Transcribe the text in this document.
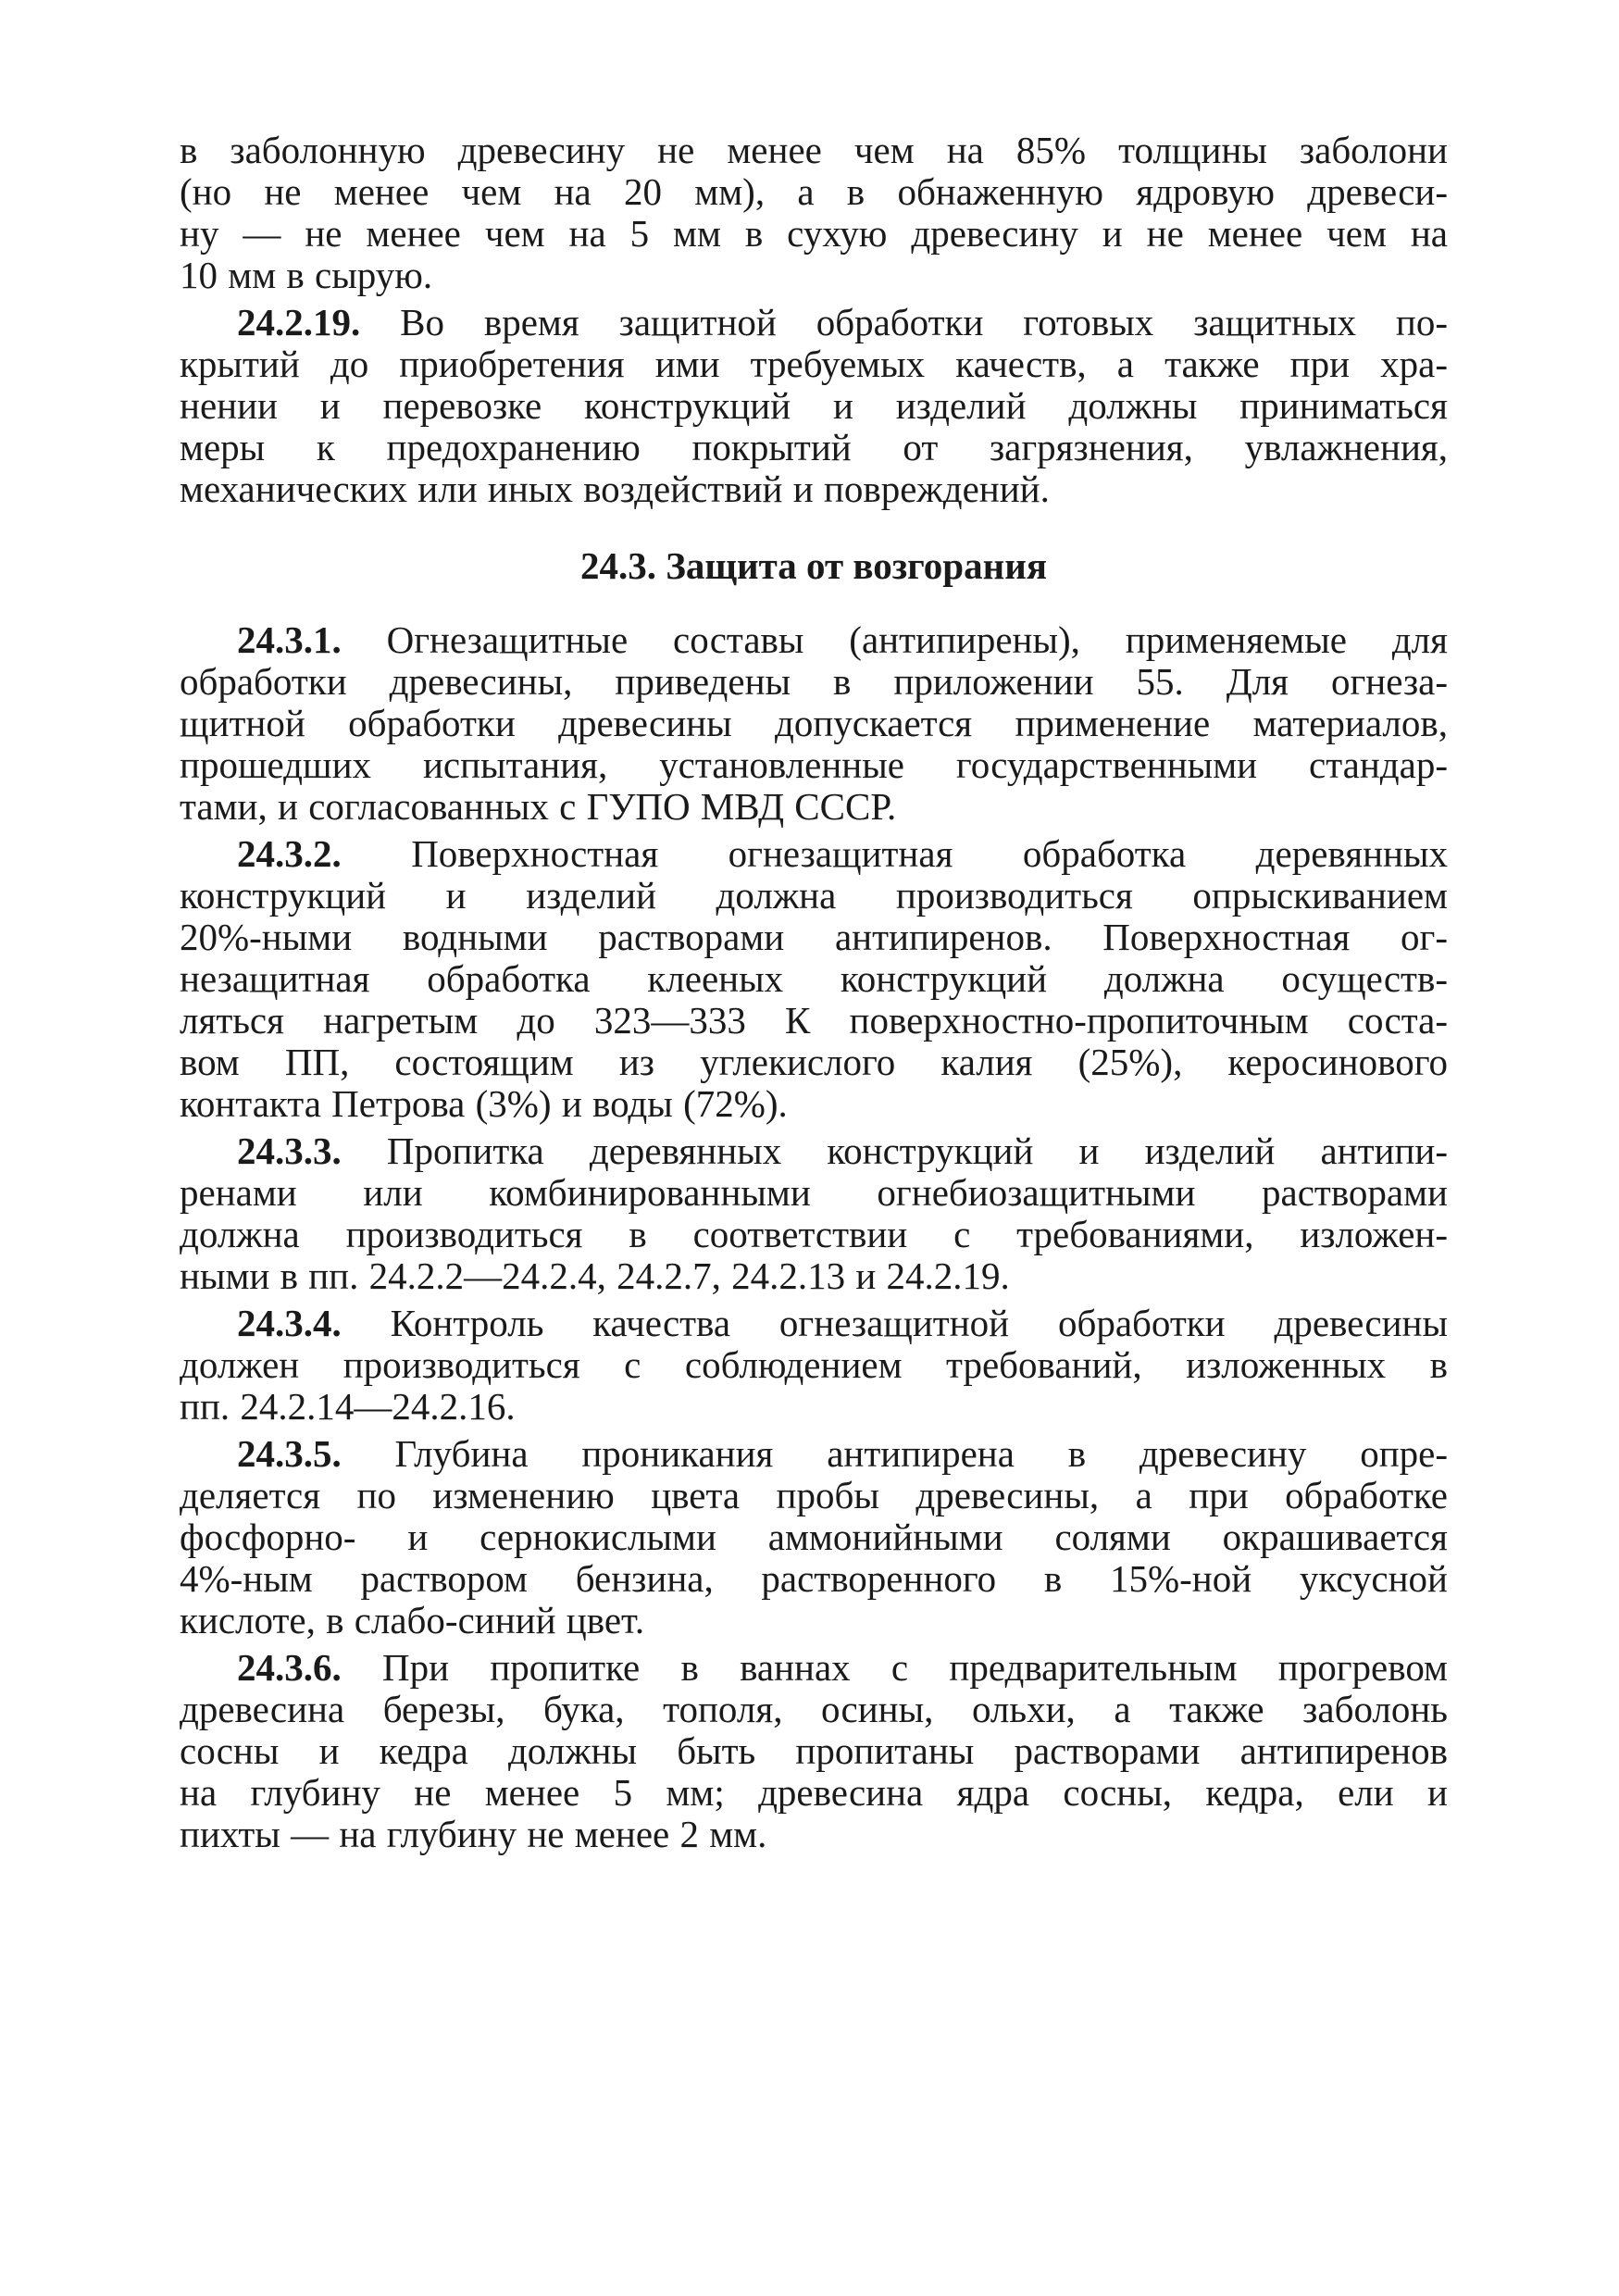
в заболонную древесину не менее чем на 85% толщины заболони
(но не менее чем на 20 мм), а в обнаженную ядровую древеси-
ну — не менее чем на 5 мм в сухую древесину и не менее чем на
10 мм в сырую.
24.2.19. Во время защитной обработки готовых защитных по-
крытий до приобретения ими требуемых качеств, а также при хра-
нении и перевозке конструкций и изделий должны приниматься
меры к предохранению покрытий от загрязнения, увлажнения,
механических или иных воздействий и повреждений.
24.3. Защита от возгорания
24.3.1. Огнезащитные составы (антипирены), применяемые для
обработки древесины, приведены в приложении 55. Для огнеза-
щитной обработки древесины допускается применение материалов,
прошедших испытания, установленные государственными стандар-
тами, и согласованных с ГУПО МВД СССР.
24.3.2. Поверхностная огнезащитная обработка деревянных
конструкций и изделий должна производиться опрыскиванием
20%-ными водными растворами антипиренов. Поверхностная ог-
незащитная обработка клееных конструкций должна осуществ-
ляться нагретым до 323—333 К поверхностно-пропиточным соста-
вом ПП, состоящим из углекислого калия (25%), керосинового
контакта Петрова (3%) и воды (72%).
24.3.3. Пропитка деревянных конструкций и изделий антипи-
ренами или комбинированными огнебиозащитными растворами
должна производиться в соответствии с требованиями, изложен-
ными в пп. 24.2.2—24.2.4, 24.2.7, 24.2.13 и 24.2.19.
24.3.4. Контроль качества огнезащитной обработки древесины
должен производиться с соблюдением требований, изложенных в
пп. 24.2.14—24.2.16.
24.3.5. Глубина проникания антипирена в древесину опре-
деляется по изменению цвета пробы древесины, а при обработке
фосфорно- и сернокислыми аммонийными солями окрашивается
4%-ным раствором бензина, растворенного в 15%-ной уксусной
кислоте, в слабо-синий цвет.
24.3.6. При пропитке в ваннах с предварительным прогревом
древесина березы, бука, тополя, осины, ольхи, а также заболонь
сосны и кедра должны быть пропитаны растворами антипиренов
на глубину не менее 5 мм; древесина ядра сосны, кедра, ели и
пихты — на глубину не менее 2 мм.
